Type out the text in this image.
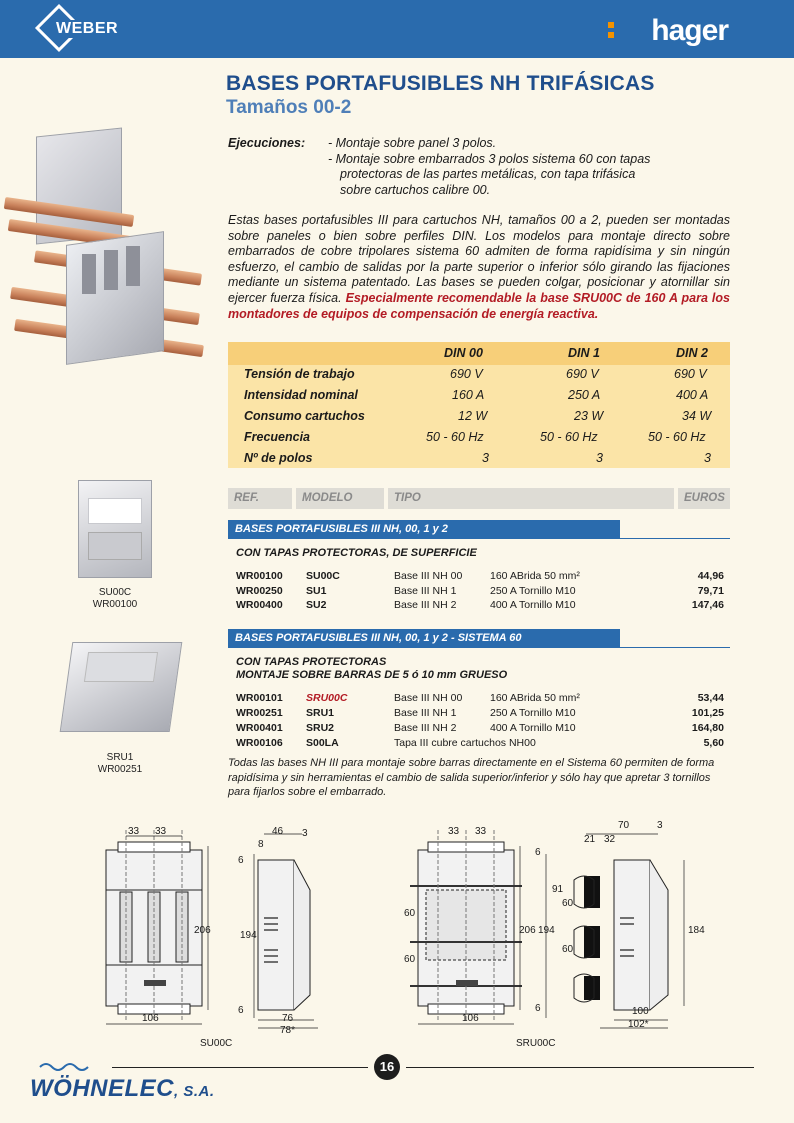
WEBER	hager
BASES PORTAFUSIBLES NH TRIFÁSICAS
Tamaños 00-2
Ejecuciones: - Montaje sobre panel 3 polos.
- Montaje sobre embarrados 3 polos sistema 60 con tapas protectoras de las partes metálicas, con tapa trifásica sobre cartuchos calibre 00.
Estas bases portafusibles III para cartuchos NH, tamaños 00 a 2, pueden ser montadas sobre paneles o bien sobre perfiles DIN. Los modelos para montaje directo sobre embarrados de cobre tripolares sistema 60 admiten de forma rapidísima y sin ningún esfuerzo, el cambio de salidas por la parte superior o inferior sólo girando las fijaciones mediante un sistema patentado. Las bases se pueden colgar, posicionar y atornillar sin ejercer fuerza física. Especialmente recomendable la base SRU00C de 160 A para los montadores de equipos de compensación de energía reactiva.
DIN 00	DIN 1	DIN 2
Tensión de trabajo	690 V	690 V	690 V
Intensidad nominal	160 A	250 A	400 A
Consumo cartuchos	12 W	23 W	34 W
Frecuencia	50 - 60 Hz	50 - 60 Hz	50 - 60 Hz
Nº de polos	3	3	3
REF.	MODELO	TIPO	EUROS
BASES PORTAFUSIBLES III NH, 00, 1 y 2
CON TAPAS PROTECTORAS, DE SUPERFICIE
WR00100 SU00C	Base III NH 00	160 ABrida 50 mm²	44,96
WR00250 SU1	Base III NH 1	250 A Tornillo M10	79,71
WR00400 SU2	Base III NH 2	400 A Tornillo M10	147,46
BASES PORTAFUSIBLES III NH, 00, 1 y 2 - SISTEMA 60
CON TAPAS PROTECTORAS
MONTAJE SOBRE BARRAS DE 5 ó 10 mm GRUESO
WR00101 SRU00C	Base III NH 00	160 ABrida 50 mm²	53,44
WR00251 SRU1	Base III NH 1	250 A Tornillo M10	101,25
WR00401 SRU2	Base III NH 2	400 A Tornillo M10	164,80
WR00106 S00LA	Tapa III cubre cartuchos NH00	5,60
Todas las bases NH III para montaje sobre barras directamente en el Sistema 60 permiten de forma rapidísima y sin herramientas el cambio de salida superior/inferior y sólo hay que apretar 3 tornillos para fijarlos sobre el embarrado.
SU00C
WR00100
SRU1
WR00251
33 33
206
106
46 3
8
6
194
6
76
78*
SU00C
33 33
60
60
206
106
70	3
21 32
6
91
60
194
60
6
184
100
102*
SRU00C
16
WÖHNELEC, S.A.
